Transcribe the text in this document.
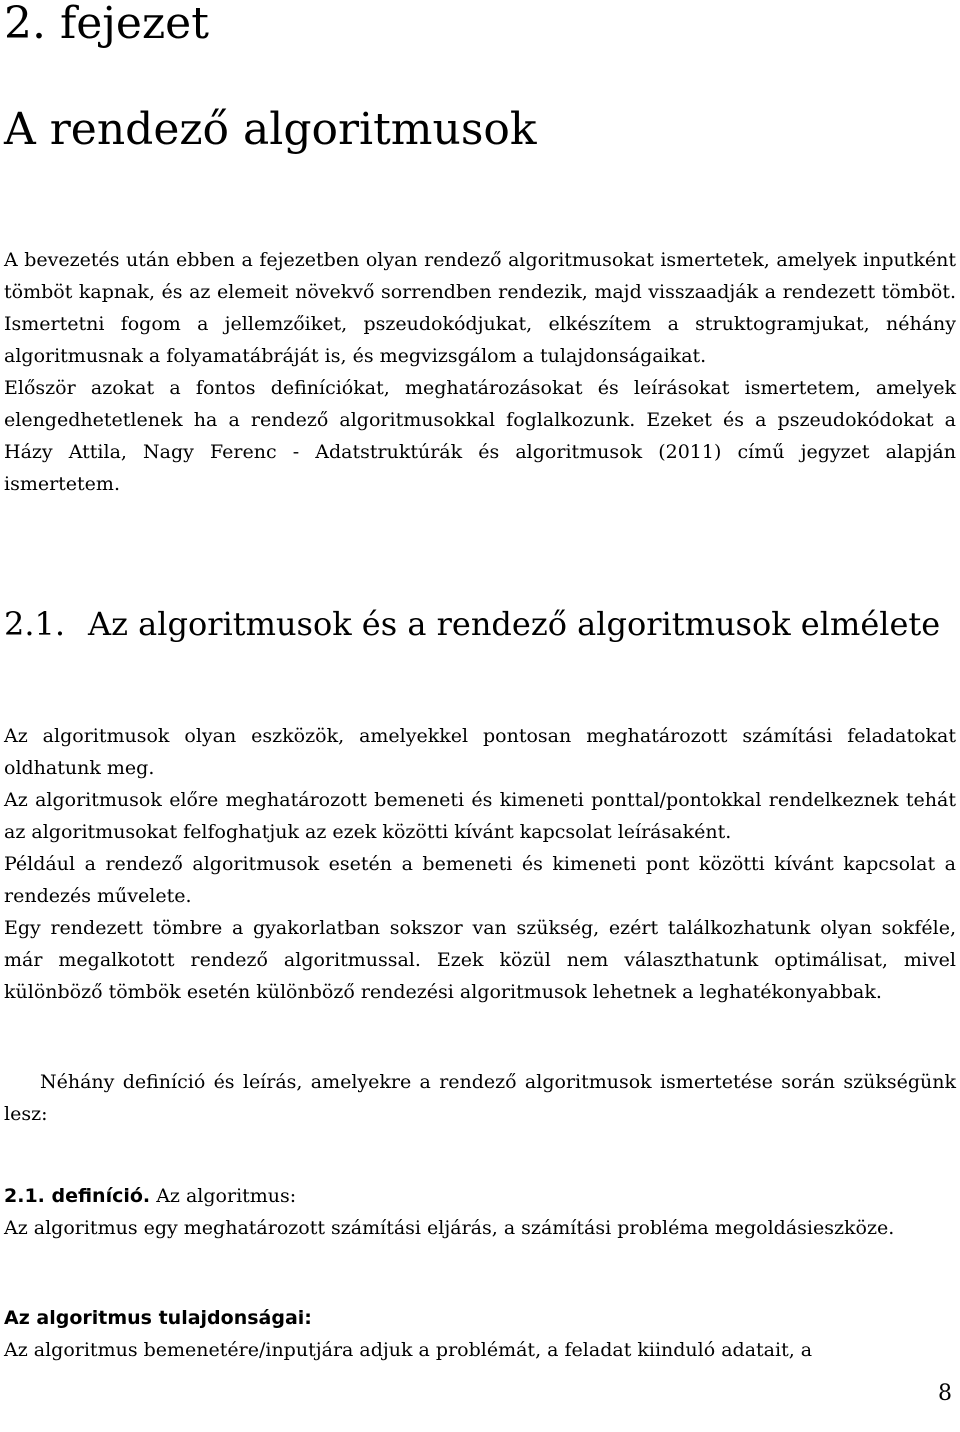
2. fejezet
A rendező algoritmusok

A bevezetés után ebben a fejezetben olyan rendező algoritmusokat ismertetek, amelyek inputként tömböt kapnak, és az elemeit növekvő sorrendben rendezik, majd visszaadják a rendezett tömböt. Ismertetni fogom a jellemzőiket, pszeudokódjukat, elkészítem a struktogramjukat, néhány algoritmusnak a folyamatábráját is, és megvizsgálom a tulajdonságaikat.

Először azokat a fontos definíciókat, meghatározásokat és leírásokat ismertetem, amelyek elengedhetetlenek ha a rendező algoritmusokkal foglalkozunk. Ezeket és a pszeudokódokat a Házy Attila, Nagy Ferenc - Adatstruktúrák és algoritmusok (2011) című jegyzet alapján ismertetem.

2.1. Az algoritmusok és a rendező algoritmusok elmélete

Az algoritmusok olyan eszközök, amelyekkel pontosan meghatározott számítási feladatokat oldhatunk meg.

Az algoritmusok előre meghatározott bemeneti és kimeneti ponttal/pontokkal rendelkeznek tehát az algoritmusokat felfoghatjuk az ezek közötti kívánt kapcsolat leírásaként.

Például a rendező algoritmusok esetén a bemeneti és kimeneti pont közötti kívánt kapcsolat a rendezés művelete.

Egy rendezett tömbre a gyakorlatban sokszor van szükség, ezért találkozhatunk olyan sokféle, már megalkotott rendező algoritmussal. Ezek közül nem választhatunk optimálisat, mivel különböző tömbök esetén különböző rendezési algoritmusok lehetnek a leghatékonyabbak.

Néhány definíció és leírás, amelyekre a rendező algoritmusok ismertetése során szükségünk lesz:

2.1. definíció. Az algoritmus:

Az algoritmus egy meghatározott számítási eljárás, a számítási probléma megoldásieszköze.

Az algoritmus tulajdonságai:

Az algoritmus bemenetére/inputjára adjuk a problémát, a feladat kiinduló adatait, a

8
